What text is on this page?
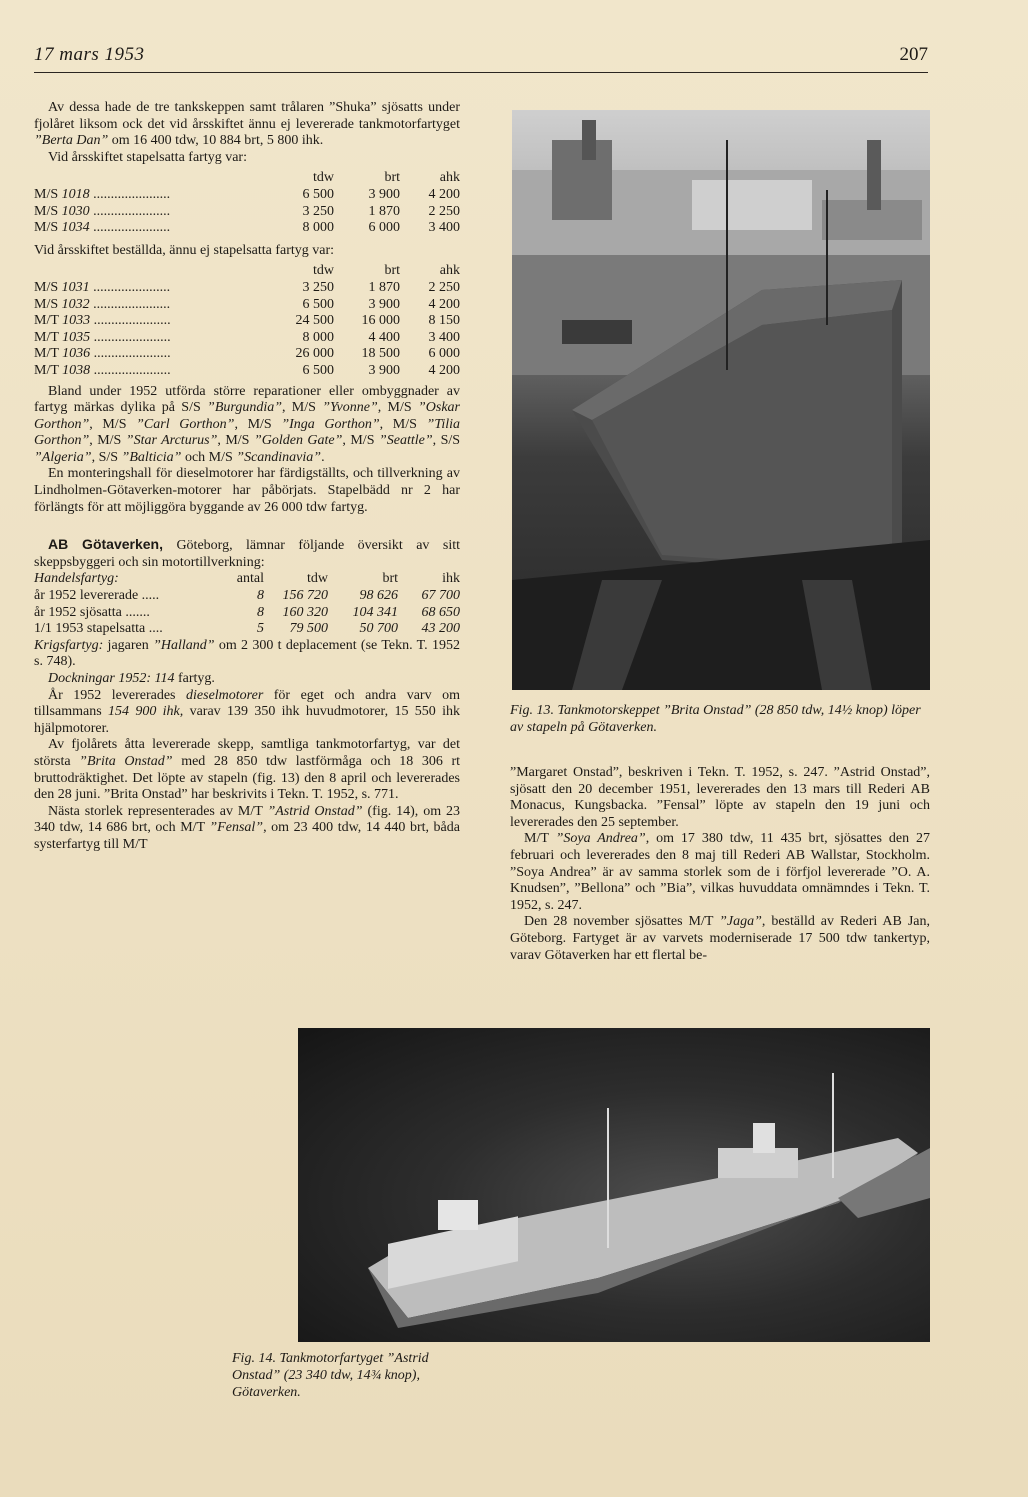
17 mars 1953	207

Av dessa hade de tre tankskeppen samt trålaren ”Shuka” sjösatts under fjolåret liksom ock det vid årsskiftet ännu ej levererade tankmotorfartyget ”Berta Dan” om 16 400 tdw, 10 884 brt, 5 800 ihk.

Vid årsskiftet stapelsatta fartyg var:

	tdw	brt	ahk
M/S 1018 ......................	6 500	3 900	4 200
M/S 1030 ......................	3 250	1 870	2 250
M/S 1034 ......................	8 000	6 000	3 400

Vid årsskiftet beställda, ännu ej stapelsatta fartyg var:

	tdw	brt	ahk
M/S 1031 ......................	3 250	1 870	2 250
M/S 1032 ......................	6 500	3 900	4 200
M/T 1033 ......................	24 500	16 000	8 150
M/T 1035 ......................	8 000	4 400	3 400
M/T 1036 ......................	26 000	18 500	6 000
M/T 1038 ......................	6 500	3 900	4 200

Bland under 1952 utförda större reparationer eller ombyggnader av fartyg märkas dylika på S/S ”Burgundia”, M/S ”Yvonne”, M/S ”Oskar Gorthon”, M/S ”Carl Gorthon”, M/S ”Inga Gorthon”, M/S ”Tilia Gorthon”, M/S ”Star Arcturus”, M/S ”Golden Gate”, M/S ”Seattle”, S/S ”Algeria”, S/S ”Balticia” och M/S ”Scandinavia”.

En monteringshall för dieselmotorer har färdigställts, och tillverkning av Lindholmen-Götaverken-motorer har påbörjats. Stapelbädd nr 2 har förlängts för att möjliggöra byggande av 26 000 tdw fartyg.

AB Götaverken, Göteborg, lämnar följande översikt av sitt skeppsbyggeri och sin motortillverkning:

Handelsfartyg:	antal	tdw	brt	ihk
år 1952 levererade .....	8	156 720	98 626	67 700
år 1952 sjösatta .......	8	160 320	104 341	68 650
1/1 1953 stapelsatta ....	5	79 500	50 700	43 200

Krigsfartyg: jagaren ”Halland” om 2 300 t deplacement (se Tekn. T. 1952 s. 748).

Dockningar 1952: 114 fartyg.

År 1952 levererades dieselmotorer för eget och andra varv om tillsammans 154 900 ihk, varav 139 350 ihk huvudmotorer, 15 550 ihk hjälpmotorer.

Av fjolårets åtta levererade skepp, samtliga tankmotorfartyg, var det största ”Brita Onstad” med 28 850 tdw lastförmåga och 18 306 rt bruttodräktighet. Det löpte av stapeln (fig. 13) den 8 april och levererades den 28 juni. ”Brita Onstad” har beskrivits i Tekn. T. 1952, s. 771.

Nästa storlek representerades av M/T ”Astrid Onstad” (fig. 14), om 23 340 tdw, 14 686 brt, och M/T ”Fensal”, om 23 400 tdw, 14 440 brt, båda systerfartyg till M/T

Fig. 13. Tankmotorskeppet ”Brita Onstad” (28 850 tdw, 14½ knop) löper av stapeln på Götaverken.

”Margaret Onstad”, beskriven i Tekn. T. 1952, s. 247. ”Astrid Onstad”, sjösatt den 20 december 1951, levererades den 13 mars till Rederi AB Monacus, Kungsbacka. ”Fensal” löpte av stapeln den 19 juni och levererades den 25 september.

M/T ”Soya Andrea”, om 17 380 tdw, 11 435 brt, sjösattes den 27 februari och levererades den 8 maj till Rederi AB Wallstar, Stockholm. ”Soya Andrea” är av samma storlek som de i förfjol levererade ”O. A. Knudsen”, ”Bellona” och ”Bia”, vilkas huvuddata omnämndes i Tekn. T. 1952, s. 247.

Den 28 november sjösattes M/T ”Jaga”, beställd av Rederi AB Jan, Göteborg. Fartyget är av varvets moderniserade 17 500 tdw tankertyp, varav Götaverken har ett flertal be-

Fig. 14. Tankmotorfartyget ”Astrid Onstad” (23 340 tdw, 14¾ knop), Götaverken.
